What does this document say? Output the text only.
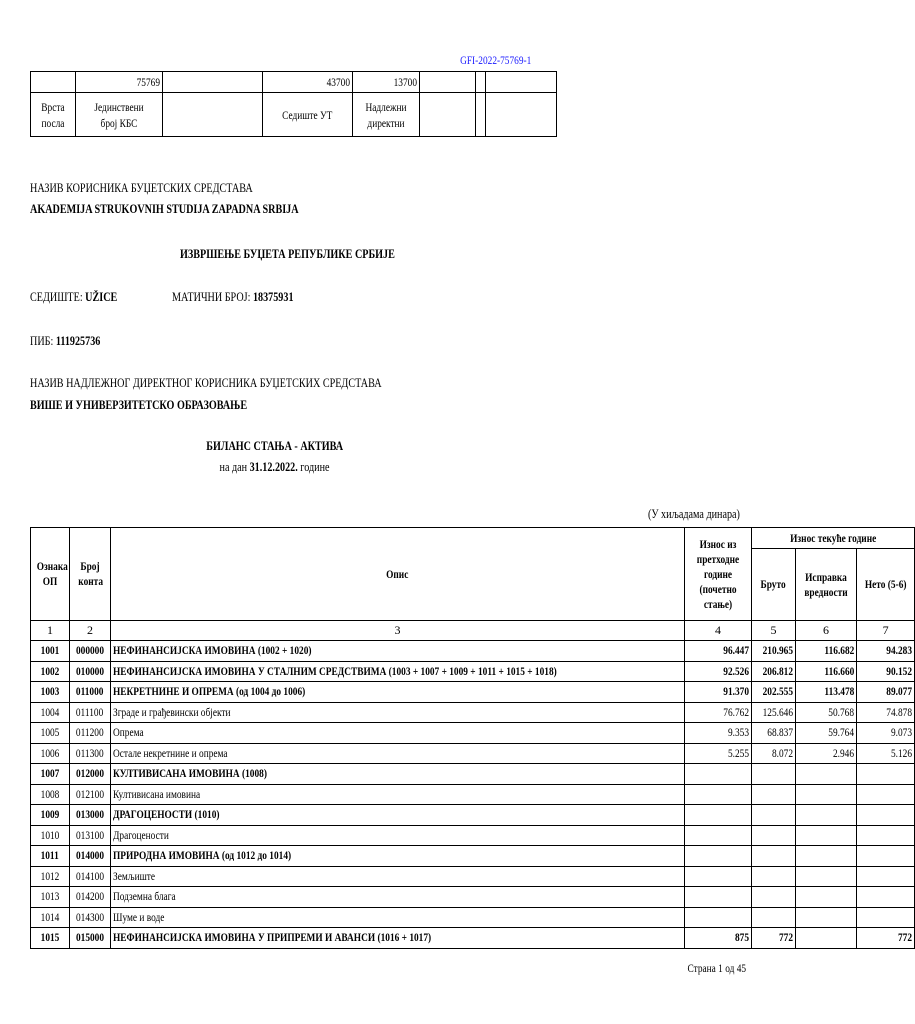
GFI-2022-75769-1
	75769		43700	13700			
Врста посла	Јединствени број КБС		Седиште УТ	Надлежни директни			
НАЗИВ КОРИСНИКА БУЏЕТСКИХ СРЕДСТАВА
AKADEMIJA STRUKOVNIH STUDIJA ZAPADNA SRBIJA
ИЗВРШЕЊЕ БУЏЕТА РЕПУБЛИКЕ СРБИЈЕ
СЕДИШТЕ: UŽICE	МАТИЧНИ БРОЈ: 18375931
ПИБ: 111925736
НАЗИВ НАДЛЕЖНОГ ДИРЕКТНОГ КОРИСНИКА БУЏЕТСКИХ СРЕДСТАВА
ВИШЕ И УНИВЕРЗИТЕТСКО ОБРАЗОВАЊЕ
БИЛАНС СТАЊА - АКТИВА
на дан 31.12.2022. године
(У хиљадама динара)
Ознака ОП	Број конта	Опис	Износ из претходне године (почетно стање)	Износ текуће године		
				Бруто	Исправка вредности	Нето (5-6)
1	2	3	4	5	6	7
1001	000000	НЕФИНАНСИЈСКА ИМОВИНА (1002 + 1020)	96.447	210.965	116.682	94.283
1002	010000	НЕФИНАНСИЈСКА ИМОВИНА У СТАЛНИМ СРЕДСТВИМА (1003 + 1007 + 1009 + 1011 + 1015 + 1018)	92.526	206.812	116.660	90.152
1003	011000	НЕКРЕТНИНЕ И ОПРЕМА (од 1004 до 1006)	91.370	202.555	113.478	89.077
1004	011100	Зграде и грађевински објекти	76.762	125.646	50.768	74.878
1005	011200	Опрема	9.353	68.837	59.764	9.073
1006	011300	Остале некретнине и опрема	5.255	8.072	2.946	5.126
1007	012000	КУЛТИВИСАНА ИМОВИНА (1008)				
1008	012100	Култивисана имовина				
1009	013000	ДРАГОЦЕНОСТИ (1010)				
1010	013100	Драгоцености				
1011	014000	ПРИРОДНА ИМОВИНА (од 1012 до 1014)				
1012	014100	Земљиште				
1013	014200	Подземна блага				
1014	014300	Шуме и воде				
1015	015000	НЕФИНАНСИЈСКА ИМОВИНА У ПРИПРЕМИ И АВАНСИ (1016 + 1017)	875	772		772
Страна 1 од 45
